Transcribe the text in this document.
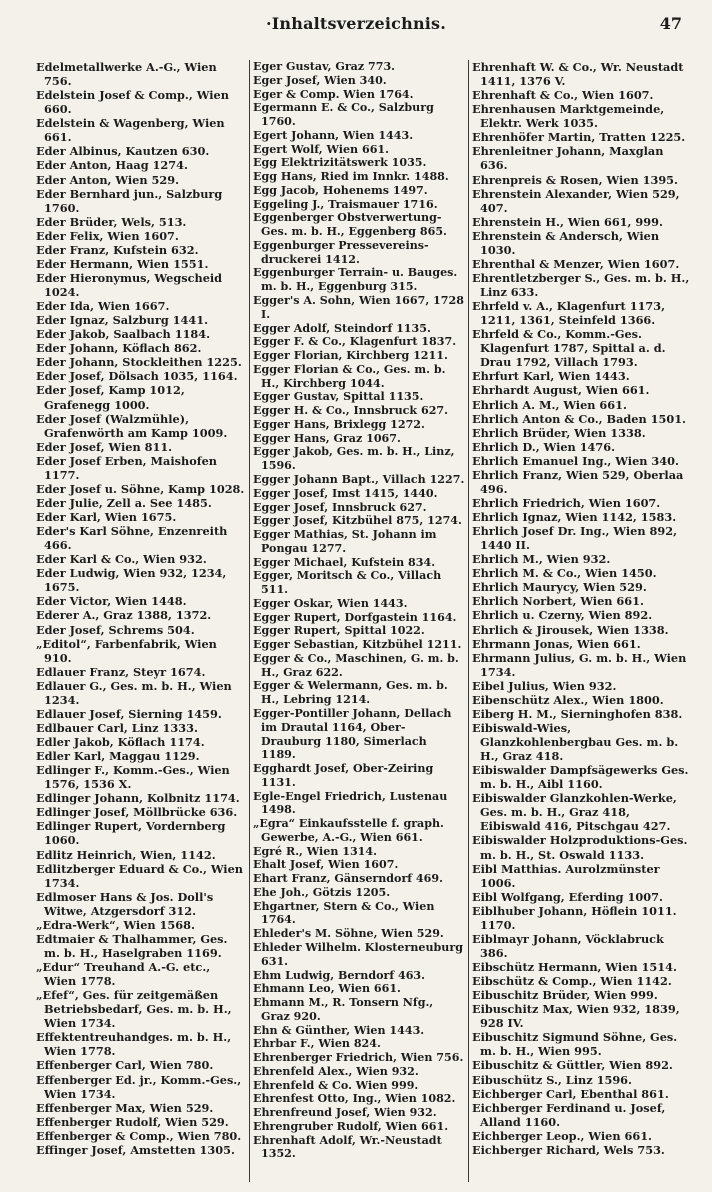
·Inhaltsverzeichnis.	47
Edelmetallwerke A.-G., Wien 756.
Edelstein Josef & Comp., Wien 660.
Edelstein & Wagenberg, Wien 661.
Eder Albinus, Kautzen 630.
Eder Anton, Haag 1274.
Eder Anton, Wien 529.
Eder Bernhard jun., Salzburg 1760.
Eder Brüder, Wels, 513.
Eder Felix, Wien 1607.
Eder Franz, Kufstein 632.
Eder Hermann, Wien 1551.
Eder Hieronymus, Wegscheid 1024.
Eder Ida, Wien 1667.
Eder Ignaz, Salzburg 1441.
Eder Jakob, Saalbach 1184.
Eder Johann, Köflach 862.
Eder Johann, Stockleithen 1225.
Eder Josef, Dölsach 1035, 1164.
Eder Josef, Kamp 1012, Grafenegg 1000.
Eder Josef (Walzmühle), Grafenwörth am Kamp 1009.
Eder Josef, Wien 811.
Eder Josef Erben, Maishofen 1177.
Eder Josef u. Söhne, Kamp 1028.
Eder Julie, Zell a. See 1485.
Eder Karl, Wien 1675.
Eder's Karl Söhne, Enzenreith 466.
Eder Karl & Co., Wien 932.
Eder Ludwig, Wien 932, 1234, 1675.
Eder Victor, Wien 1448.
Ederer A., Graz 1388, 1372.
Eder Josef, Schrems 504.
„Editol“, Farbenfabrik, Wien 910.
Edlauer Franz, Steyr 1674.
Edlauer G., Ges. m. b. H., Wien 1234.
Edlauer Josef, Sierning 1459.
Edlbauer Carl, Linz 1333.
Edler Jakob, Köflach 1174.
Edler Karl, Maggau 1129.
Edlinger F., Komm.-Ges., Wien 1576, 1536 X.
Edlinger Johann, Kolbnitz 1174.
Edlinger Josef, Möllbrücke 636.
Edlinger Rupert, Vordernberg 1060.
Edlitz Heinrich, Wien, 1142.
Edlitzberger Eduard & Co., Wien 1734.
Edlmoser Hans & Jos. Doll's Witwe, Atzgersdorf 312.
„Edra-Werk“, Wien 1568.
Edtmaier & Thalhammer, Ges. m. b. H., Haselgraben 1169.
„Edur“ Treuhand A.-G. etc., Wien 1778.
„Efef“, Ges. für zeitgemäßen Betriebsbedarf, Ges. m. b. H., Wien 1734.
Effektentreuhandges. m. b. H., Wien 1778.
Effenberger Carl, Wien 780.
Effenberger Ed. jr., Komm.-Ges., Wien 1734.
Effenberger Max, Wien 529.
Effenberger Rudolf, Wien 529.
Effenberger & Comp., Wien 780.
Effinger Josef, Amstetten 1305.
Eger Gustav, Graz 773.
Eger Josef, Wien 340.
Eger & Comp. Wien 1764.
Egermann E. & Co., Salzburg 1760.
Egert Johann, Wien 1443.
Egert Wolf, Wien 661.
Egg Elektrizitätswerk 1035.
Egg Hans, Ried im Innkr. 1488.
Egg Jacob, Hohenems 1497.
Eggeling J., Traismauer 1716.
Eggenberger Obstverwertung-Ges. m. b. H., Eggenberg 865.
Eggenburger Pressevereins-druckerei 1412.
Eggenburger Terrain- u. Bauges. m. b. H., Eggenburg 315.
Egger's A. Sohn, Wien 1667, 1728 I.
Egger Adolf, Steindorf 1135.
Egger F. & Co., Klagenfurt 1837.
Egger Florian, Kirchberg 1211.
Egger Florian & Co., Ges. m. b. H., Kirchberg 1044.
Egger Gustav, Spittal 1135.
Egger H. & Co., Innsbruck 627.
Egger Hans, Brixlegg 1272.
Egger Hans, Graz 1067.
Egger Jakob, Ges. m. b. H., Linz, 1596.
Egger Johann Bapt., Villach 1227.
Egger Josef, Imst 1415, 1440.
Egger Josef, Innsbruck 627.
Egger Josef, Kitzbühel 875, 1274.
Egger Mathias, St. Johann im Pongau 1277.
Egger Michael, Kufstein 834.
Egger, Moritsch & Co., Villach 511.
Egger Oskar, Wien 1443.
Egger Rupert, Dorfgastein 1164.
Egger Rupert, Spittal 1022.
Egger Sebastian, Kitzbühel 1211.
Egger & Co., Maschinen, G. m. b. H., Graz 622.
Egger & Welermann, Ges. m. b. H., Lebring 1214.
Egger-Pontiller Johann, Dellach im Drautal 1164, Ober-Drauburg 1180, Simerlach 1189.
Egghardt Josef, Ober-Zeiring 1131.
Egle-Engel Friedrich, Lustenau 1498.
„Egra“ Einkaufsstelle f. graph. Gewerbe, A.-G., Wien 661.
Egré R., Wien 1314.
Ehalt Josef, Wien 1607.
Ehart Franz, Gänserndorf 469.
Ehe Joh., Götzis 1205.
Ehgartner, Stern & Co., Wien 1764.
Ehleder's M. Söhne, Wien 529.
Ehleder Wilhelm. Klosterneuburg 631.
Ehm Ludwig, Berndorf 463.
Ehmann Leo, Wien 661.
Ehmann M., R. Tonsern Nfg., Graz 920.
Ehn & Günther, Wien 1443.
Ehrbar F., Wien 824.
Ehrenberger Friedrich, Wien 756.
Ehrenfeld Alex., Wien 932.
Ehrenfeld & Co. Wien 999.
Ehrenfest Otto, Ing., Wien 1082.
Ehrenfreund Josef, Wien 932.
Ehrengruber Rudolf, Wien 661.
Ehrenhaft Adolf, Wr.-Neustadt 1352.
Ehrenhaft W. & Co., Wr. Neustadt 1411, 1376 V.
Ehrenhaft & Co., Wien 1607.
Ehrenhausen Marktgemeinde, Elektr. Werk 1035.
Ehrenhöfer Martin, Tratten 1225.
Ehrenleitner Johann, Maxglan 636.
Ehrenpreis & Rosen, Wien 1395.
Ehrenstein Alexander, Wien 529, 407.
Ehrenstein H., Wien 661, 999.
Ehrenstein & Andersch, Wien 1030.
Ehrenthal & Menzer, Wien 1607.
Ehrentletzberger S., Ges. m. b. H., Linz 633.
Ehrfeld v. A., Klagenfurt 1173, 1211, 1361, Steinfeld 1366.
Ehrfeld & Co., Komm.-Ges. Klagenfurt 1787, Spittal a. d. Drau 1792, Villach 1793.
Ehrfurt Karl, Wien 1443.
Ehrhardt August, Wien 661.
Ehrlich A. M., Wien 661.
Ehrlich Anton & Co., Baden 1501.
Ehrlich Brüder, Wien 1338.
Ehrlich D., Wien 1476.
Ehrlich Emanuel Ing., Wien 340.
Ehrlich Franz, Wien 529, Oberlaa 496.
Ehrlich Friedrich, Wien 1607.
Ehrlich Ignaz, Wien 1142, 1583.
Ehrlich Josef Dr. Ing., Wien 892, 1440 II.
Ehrlich M., Wien 932.
Ehrlich M. & Co., Wien 1450.
Ehrlich Maurycy, Wien 529.
Ehrlich Norbert, Wien 661.
Ehrlich u. Czerny, Wien 892.
Ehrlich & Jirousek, Wien 1338.
Ehrmann Jonas, Wien 661.
Ehrmann Julius, G. m. b. H., Wien 1734.
Eibel Julius, Wien 932.
Eibenschütz Alex., Wien 1800.
Eiberg H. M., Sierninghofen 838.
Eibiswald-Wies, Glanzkohlenbergbau Ges. m. b. H., Graz 418.
Eibiswalder Dampfsägewerks Ges. m. b. H., Aibl 1160.
Eibiswalder Glanzkohlen-Werke, Ges. m. b. H., Graz 418, Eibiswald 416, Pitschgau 427.
Eibiswalder Holzproduktions-Ges. m. b. H., St. Oswald 1133.
Eibl Matthias. Aurolzmünster 1006.
Eibl Wolfgang, Eferding 1007.
Eiblhuber Johann, Höflein 1011. 1170.
Eiblmayr Johann, Vöcklabruck 386.
Eibschütz Hermann, Wien 1514.
Eibschütz & Comp., Wien 1142.
Eibuschitz Brüder, Wien 999.
Eibuschitz Max, Wien 932, 1839, 928 IV.
Eibuschitz Sigmund Söhne, Ges. m. b. H., Wien 995.
Eibuschitz & Güttler, Wien 892.
Eibuschütz S., Linz 1596.
Eichberger Carl, Ebenthal 861.
Eichberger Ferdinand u. Josef, Alland 1160.
Eichberger Leop., Wien 661.
Eichberger Richard, Wels 753.
